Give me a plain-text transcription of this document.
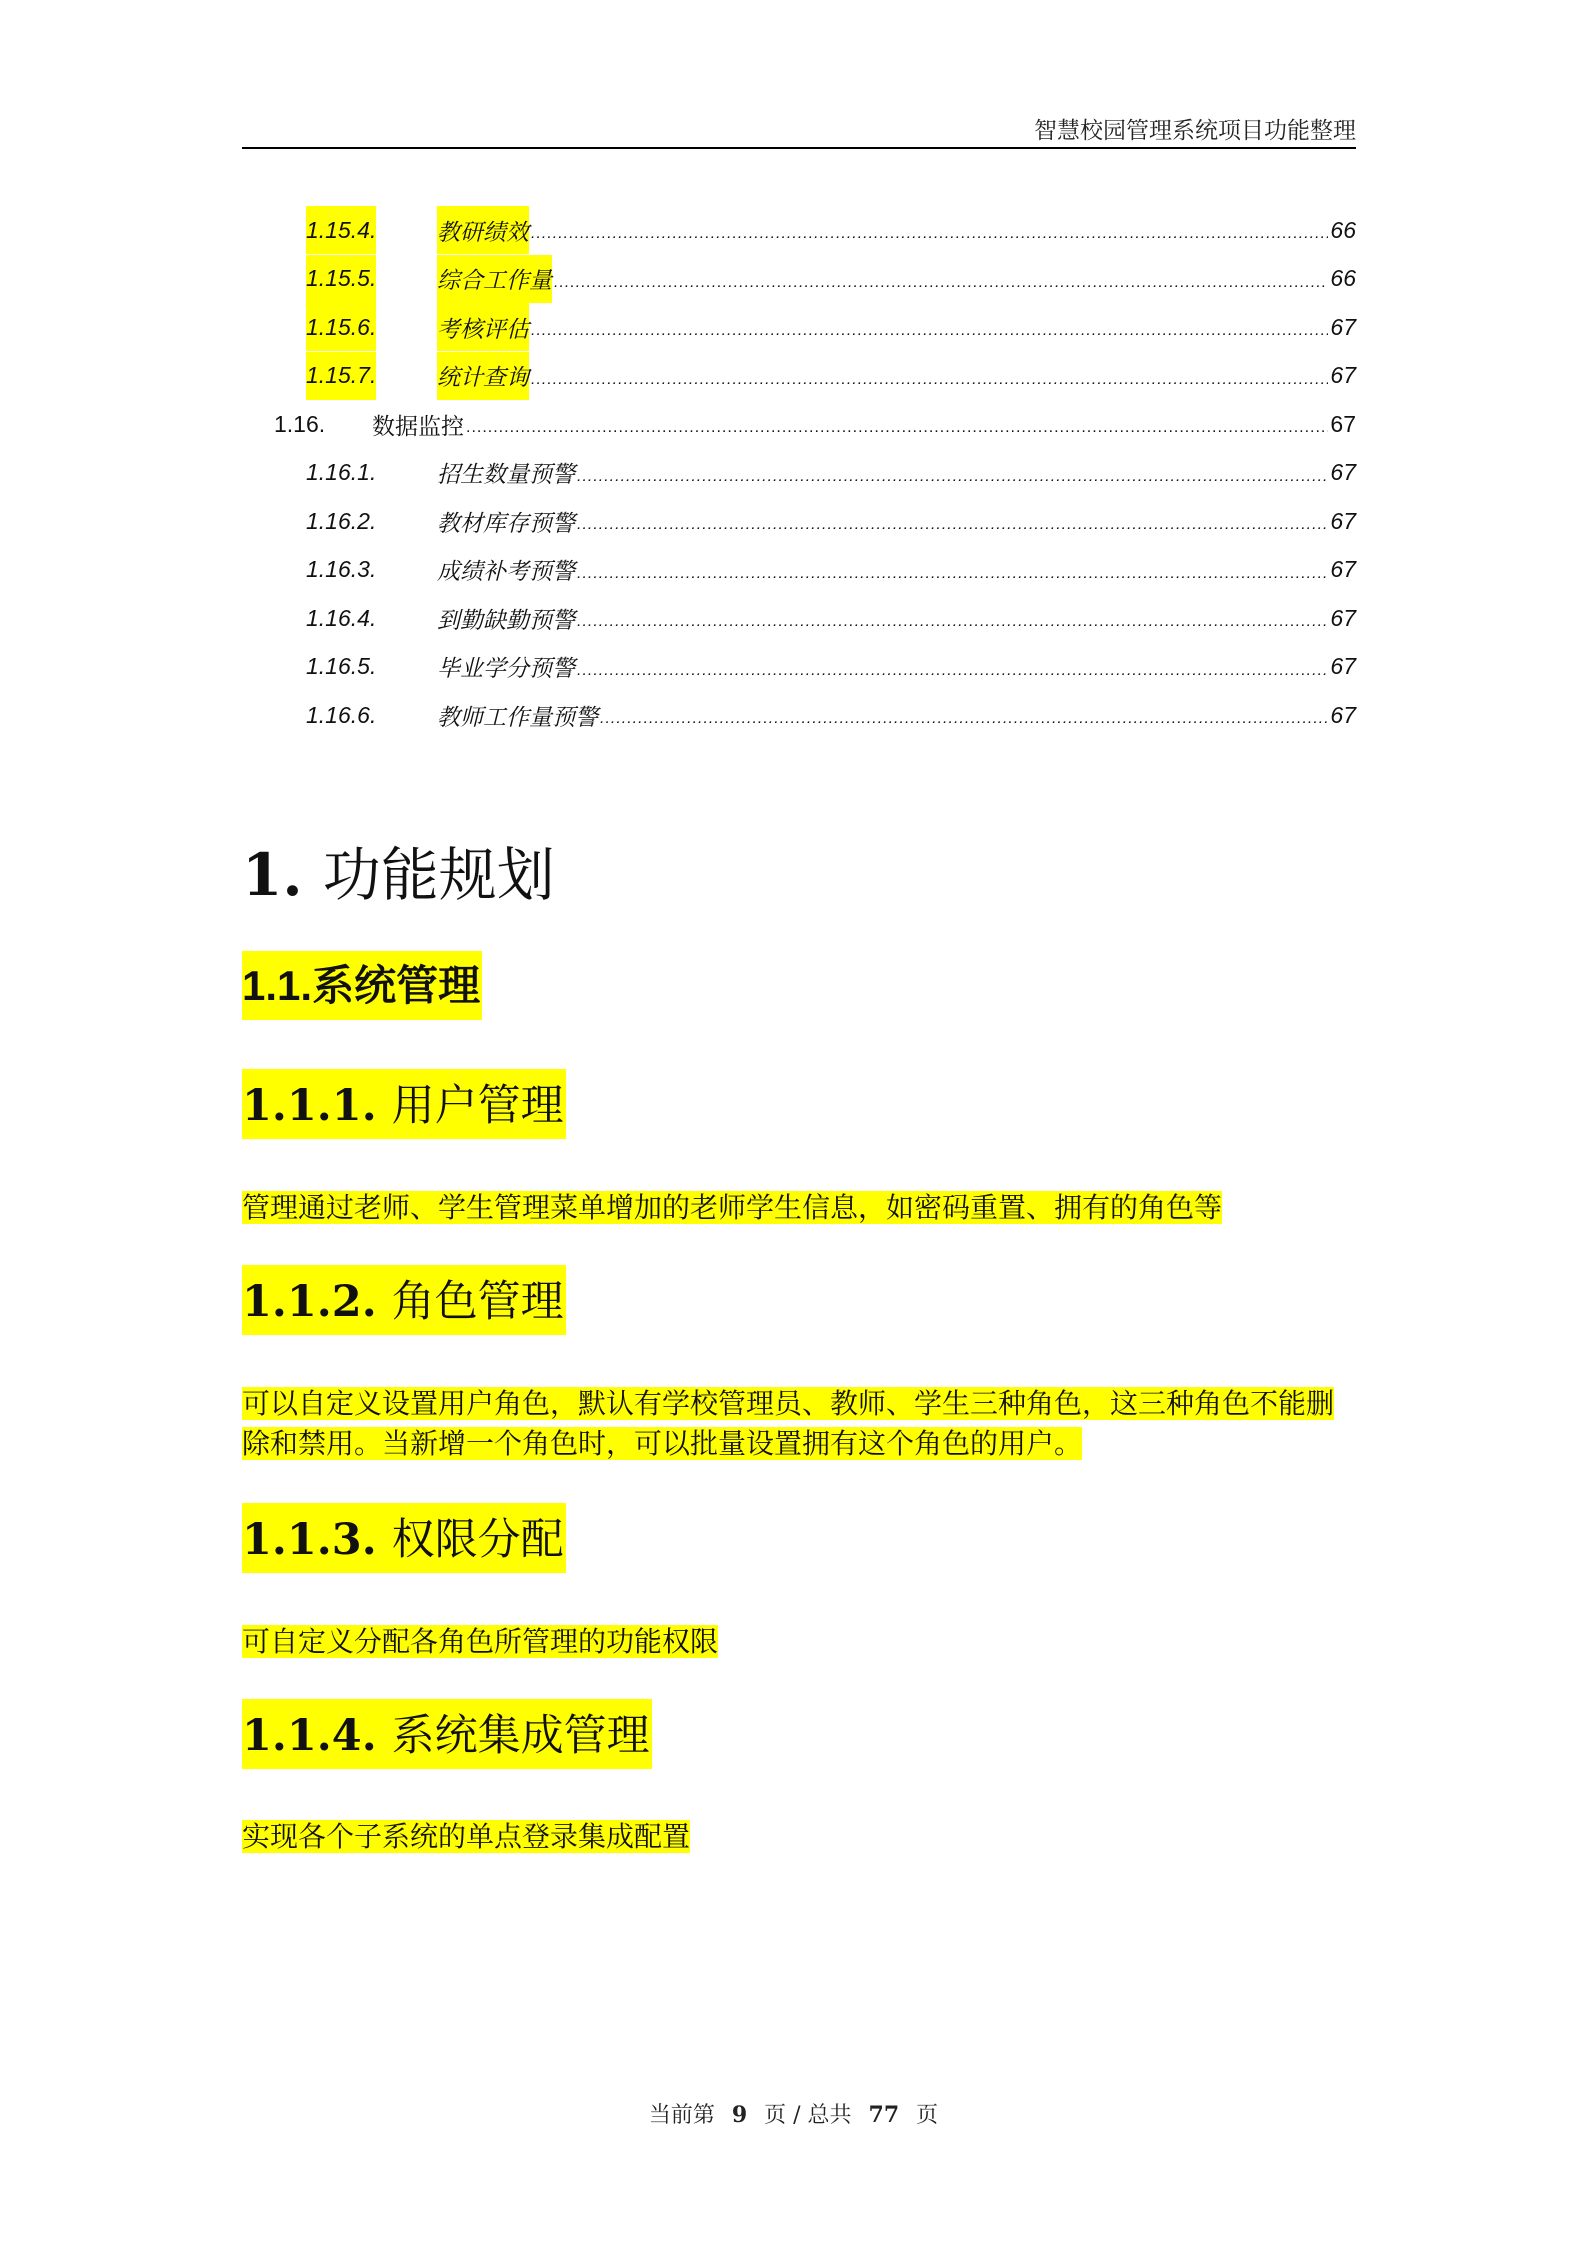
智慧校园管理系统项目功能整理
1.15.4.	教研绩效 .....	66
1.15.5.	综合工作量 .....	66
1.15.6.	考核评估 .....	67
1.15.7.	统计查询 .....	67
1.16. 数据监控 .....	67
1.16.1.	招生数量预警 .....	67
1.16.2.	教材库存预警 .....	67
1.16.3.	成绩补考预警 .....	67
1.16.4.	到勤缺勤预警 .....	67
1.16.5.	毕业学分预警 .....	67
1.16.6.	教师工作量预警 .....	67
1. 功能规划
1.1.系统管理
1.1.1. 用户管理
管理通过老师、学生管理菜单增加的老师学生信息，如密码重置、拥有的角色等
1.1.2. 角色管理
可以自定义设置用户角色，默认有学校管理员、教师、学生三种角色，这三种角色不能删除和禁用。当新增一个角色时，可以批量设置拥有这个角色的用户。
1.1.3. 权限分配
可自定义分配各角色所管理的功能权限
1.1.4. 系统集成管理
实现各个子系统的单点登录集成配置
当前第 9 页 / 总共 77 页
